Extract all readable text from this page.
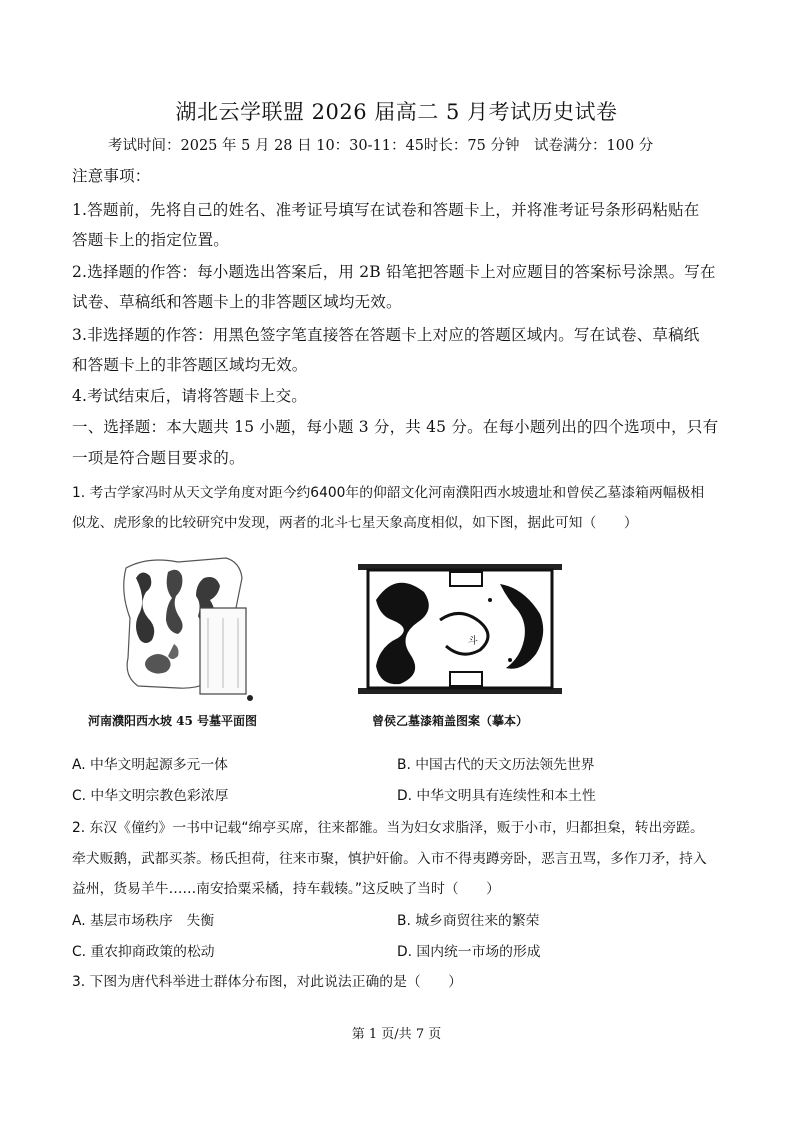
湖北云学联盟 2026 届高二 5 月考试历史试卷
考试时间：2025 年 5 月 28 日 10：30-11：45时长：75 分钟　试卷满分：100 分
注意事项：
1.答题前，先将自己的姓名、准考证号填写在试卷和答题卡上，并将准考证号条形码粘贴在
答题卡上的指定位置。
2.选择题的作答：每小题选出答案后，用 2B 铅笔把答题卡上对应题目的答案标号涂黑。写在
试卷、草稿纸和答题卡上的非答题区域均无效。
3.非选择题的作答：用黑色签字笔直接答在答题卡上对应的答题区域内。写在试卷、草稿纸
和答题卡上的非答题区域均无效。
4.考试结束后，请将答题卡上交。
一、选择题：本大题共 15 小题，每小题 3 分，共 45 分。在每小题列出的四个选项中，只有
一项是符合题目要求的。
1. 考古学家冯时从天文学角度对距今约6400年的仰韶文化河南濮阳西水坡遗址和曾侯乙墓漆箱两幅极相
似龙、虎形象的比较研究中发现，两者的北斗七星天象高度相似，如下图，据此可知（　　）
河南濮阳西水坡 45 号墓平面图
斗
曾侯乙墓漆箱盖图案（摹本）
A. 中华文明起源多元一体	B. 中国古代的天文历法领先世界
C. 中华文明宗教色彩浓厚	D. 中华文明具有连续性和本土性
2. 东汉《僮约》一书中记载“绵亭买席，往来都雒。当为妇女求脂泽，贩于小市，归都担枲，转出旁蹉。
牵犬贩鹅，武都买荼。杨氏担荷，往来市聚，慎护奸偷。入市不得夷蹲旁卧，恶言丑骂，多作刀矛，持入
益州，货易羊牛……南安拾粟采橘，持车载辏。”这反映了当时（　　）
A. 基层市场秩序　失衡	B. 城乡商贸往来的繁荣
C. 重农抑商政策的松动	D. 国内统一市场的形成
3. 下图为唐代科举进士群体分布图，对此说法正确的是（　　）
第 1 页/共 7 页
